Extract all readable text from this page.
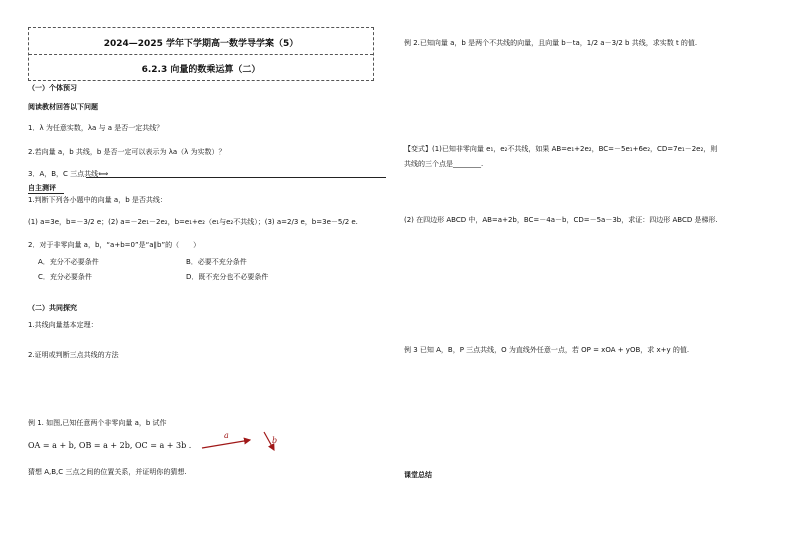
2024—2025 学年下学期高一数学导学案（5）
6.2.3 向量的数乘运算（二）
（一）个体预习
阅读教材回答以下问题
1．λ 为任意实数，λa 与 a 是否一定共线？
2.若向量 a，b 共线，b 是否一定可以表示为 λa（λ 为实数）？
3．A，B，C 三点共线⟺
自主测评
1.判断下列各小题中的向量 a，b 是否共线：
(1) a=3e，b=－3/2 e；(2) a=－2e₁－2e₂，b=e₁+e₂（e₁与e₂不共线）；(3) a=2/3 e，b=3e－5/2 e.
2．对于非零向量 a，b，“a+b=0”是“a∥b”的（　　）
A．充分不必要条件	B．必要不充分条件
C．充分必要条件	D．既不充分也不必要条件
（二）共同探究
1.共线向量基本定理：
2.证明或判断三点共线的方法
例 1. 如图,已知任意两个非零向量 a，b 试作
OA = a + b, OB = a + 2b, OC = a + 3b .
猜想 A,B,C 三点之间的位置关系，并证明你的猜想.
a
b
例 2.已知向量 a，b 是两个不共线的向量，且向量 b－ta，1/2 a－3/2 b 共线，求实数 t 的值.
【变式】(1)已知非零向量 e₁，e₂不共线，如果 AB=e₁+2e₂，BC=－5e₁+6e₂，CD=7e₁－2e₂，则
共线的三个点是________.
(2) 在四边形 ABCD 中，AB=a+2b，BC=－4a－b，CD=－5a－3b，求证：四边形 ABCD 是梯形.
例 3 已知 A，B，P 三点共线，O 为直线外任意一点，若 OP = xOA + yOB，求 x+y 的值.
课堂总结
